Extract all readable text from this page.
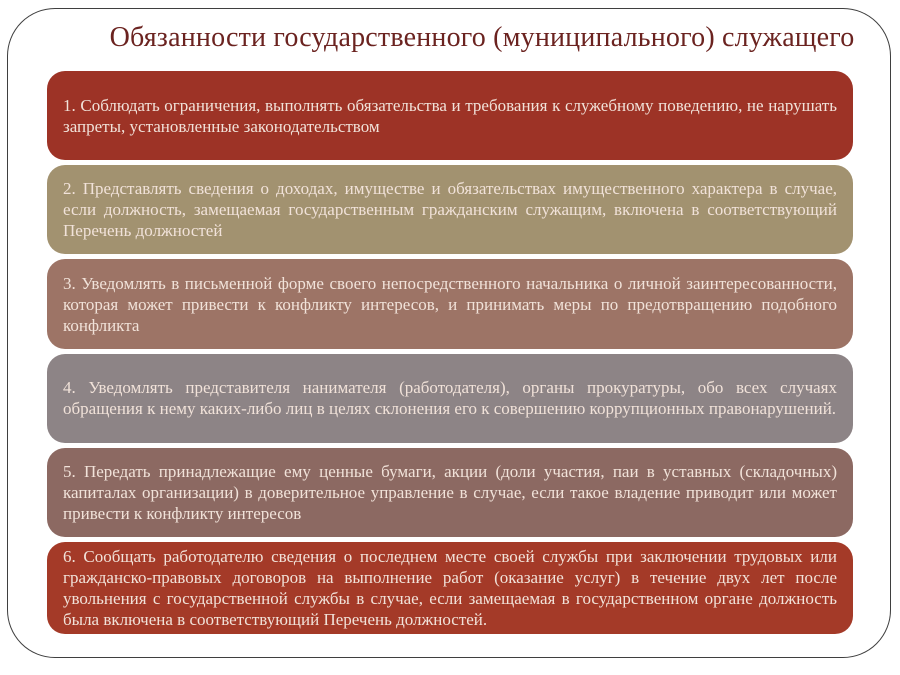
Обязанности государственного (муниципального) служащего

1. Соблюдать ограничения, выполнять обязательства и требования к служебному поведению, не нарушать запреты, установленные законодательством

2. Представлять сведения о доходах, имуществе и обязательствах имущественного характера в случае, если должность, замещаемая государственным гражданским служащим, включена в соответствующий Перечень должностей

3. Уведомлять в письменной форме своего непосредственного начальника о личной заинтересованности, которая может привести к конфликту интересов, и принимать меры по предотвращению подобного конфликта

4. Уведомлять представителя нанимателя (работодателя), органы прокуратуры, обо всех случаях обращения к нему каких-либо лиц в целях склонения его к совершению коррупционных правонарушений.

5. Передать принадлежащие ему ценные бумаги, акции (доли участия, паи в уставных (складочных) капиталах организации) в доверительное управление в случае, если такое владение приводит или может привести к конфликту интересов

6. Сообщать работодателю сведения о последнем месте своей службы при заключении трудовых или гражданско-правовых договоров на выполнение работ (оказание услуг) в течение двух лет после увольнения с государственной службы в случае, если замещаемая в государственном органе должность была включена в соответствующий Перечень должностей.
